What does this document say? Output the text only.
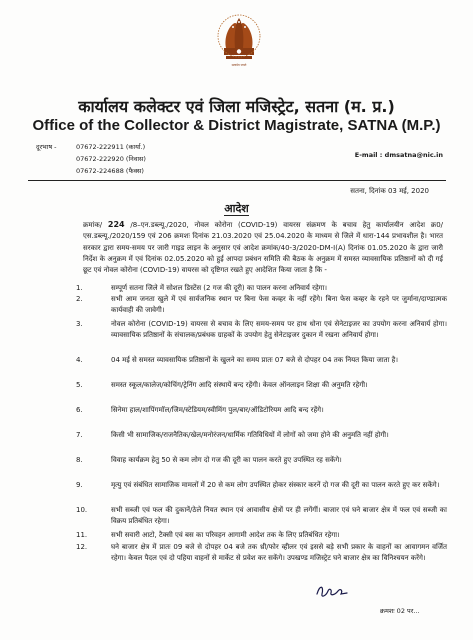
सत्यमेव जयते
कार्यालय कलेक्टर एवं जिला मजिस्ट्रेट, सतना (म. प्र.)
Office of the Collector & District Magistrate, SATNA (M.P.)
दूरभाष -	07672-222911 (कार्या.)
07672-222920 (निवास)
07672-224688 (फैक्स)
E-mail : dmsatna@nic.in
सतना, दिनांक 03 मई, 2020
आदेश
क्रमांक/ 224 /8–एन.डब्ल्यू./2020, नोवल कोरोना (COVID-19) वायरस संक्रमण के बचाव हेतु कार्यालयीन आदेश क्र0/एस.डब्ल्यू./2020/159 एवं 206 क्रमशः दिनांक 21.03.2020 एवं 25.04.2020 के माध्यम से जिले में धारा-144 प्रभावशील है। भारत सरकार द्वारा समय-समय पर जारी गाइड लाइन के अनुसार एवं आदेश क्रमांक/40-3/2020-DM-I(A) दिनांक 01.05.2020 के द्वारा जारी निर्देश के अनुक्रम में एवं दिनांक 02.05.2020 को हुई आपदा प्रबंधन समिति की बैठक के अनुक्रम में समस्त व्यावसायिक प्रतिष्ठानों को दी गई छूट एवं नोवल कोरोना (COVID-19) वायरस को दृष्टिगत रखते हुए आदेशित किया जाता है कि -
1.	सम्पूर्ण सतना जिले में सोशल डिस्टेंस (2 गज की दूरी) का पालन करना अनिवार्य रहेगा।
2.	सभी आम जनता खुले में एवं सार्वजनिक स्थान पर बिना फेस कव्हर के नहीं रहेंगे। बिना फेस कव्हर के रहने पर जुर्माना/दाण्डात्मक कार्यवाही की जावेगी।
3.	नोवल कोरोना (COVID-19) वायरस से बचाव के लिए समय-समय पर हाथ धोना एवं सेनेटाइजर का उपयोग करना अनिवार्य होगा। व्यावसायिक प्रतिष्ठानों के संचालक/प्रबंधक ग्राहकों के उपयोग हेतु सेनेटाइजर दुकान में रखना अनिवार्य होगा।
4.	04 मई से समस्त व्यावसायिक प्रतिष्ठानों के खुलने का समय प्रातः 07 बजे से दोपहर 04 तक नियत किया जाता है।
5.	समस्त स्कूल/कालेज/कोचिंग/ट्रेनिंग आदि संस्थायें बन्द रहेंगी। केवल ऑनलाइन शिक्षा की अनुमति रहेगी।
6.	सिनेमा हाल/शापिंगमॉल/जिम/स्टेडियम/स्वीमिंग पुल/बार/ऑडिटोरियम आदि बन्द रहेंगे।
7.	किसी भी सामाजिक/राजनैतिक/खेल/मनोरंजन/धार्मिक गतिविधियों में लोगों को जमा होने की अनुमति नहीं होगी।
8.	विवाह कार्यक्रम हेतु 50 से कम लोग दो गज की दूरी का पालन करते हुए उपस्थित रह सकेंगे।
9.	मृत्यु एवं संबंधित सामाजिक मामलों में 20 से कम लोग उपस्थित होकर संस्कार करनें दो गज की दूरी का पालन करते हुए कर सकेंगे।
10.	सभी सब्जी एवं फल की दुकानें/ठेले नियत स्थान एवं आवासीय क्षेत्रों पर ही लगेंगीं। बाजार एवं घने बाजार क्षेत्र में फल एवं सब्जी का विक्रय प्रतिबंधित रहेगा।
11.	सभी सवारी आटो, टैक्सी एवं बस का परिवहन आगामी आदेश तक के लिए प्रतिबंधित रहेगा।
12.	घने बाजार क्षेत्र में प्रातः 09 बजे से दोपहर 04 बजे तक थ्री/फोर व्हीलर एवं इससे बड़े सभी प्रकार के वाहनों का आवागमन वर्जित रहेगा। केवल पैदल एवं दो पहिया वाहनों से मार्केट से प्रवेश कर सकेंगे। उपखण्ड मजिस्ट्रेट घने बाजार क्षेत्र का विनिश्चयन करेंगे।
क्रमशः 02 पर...
